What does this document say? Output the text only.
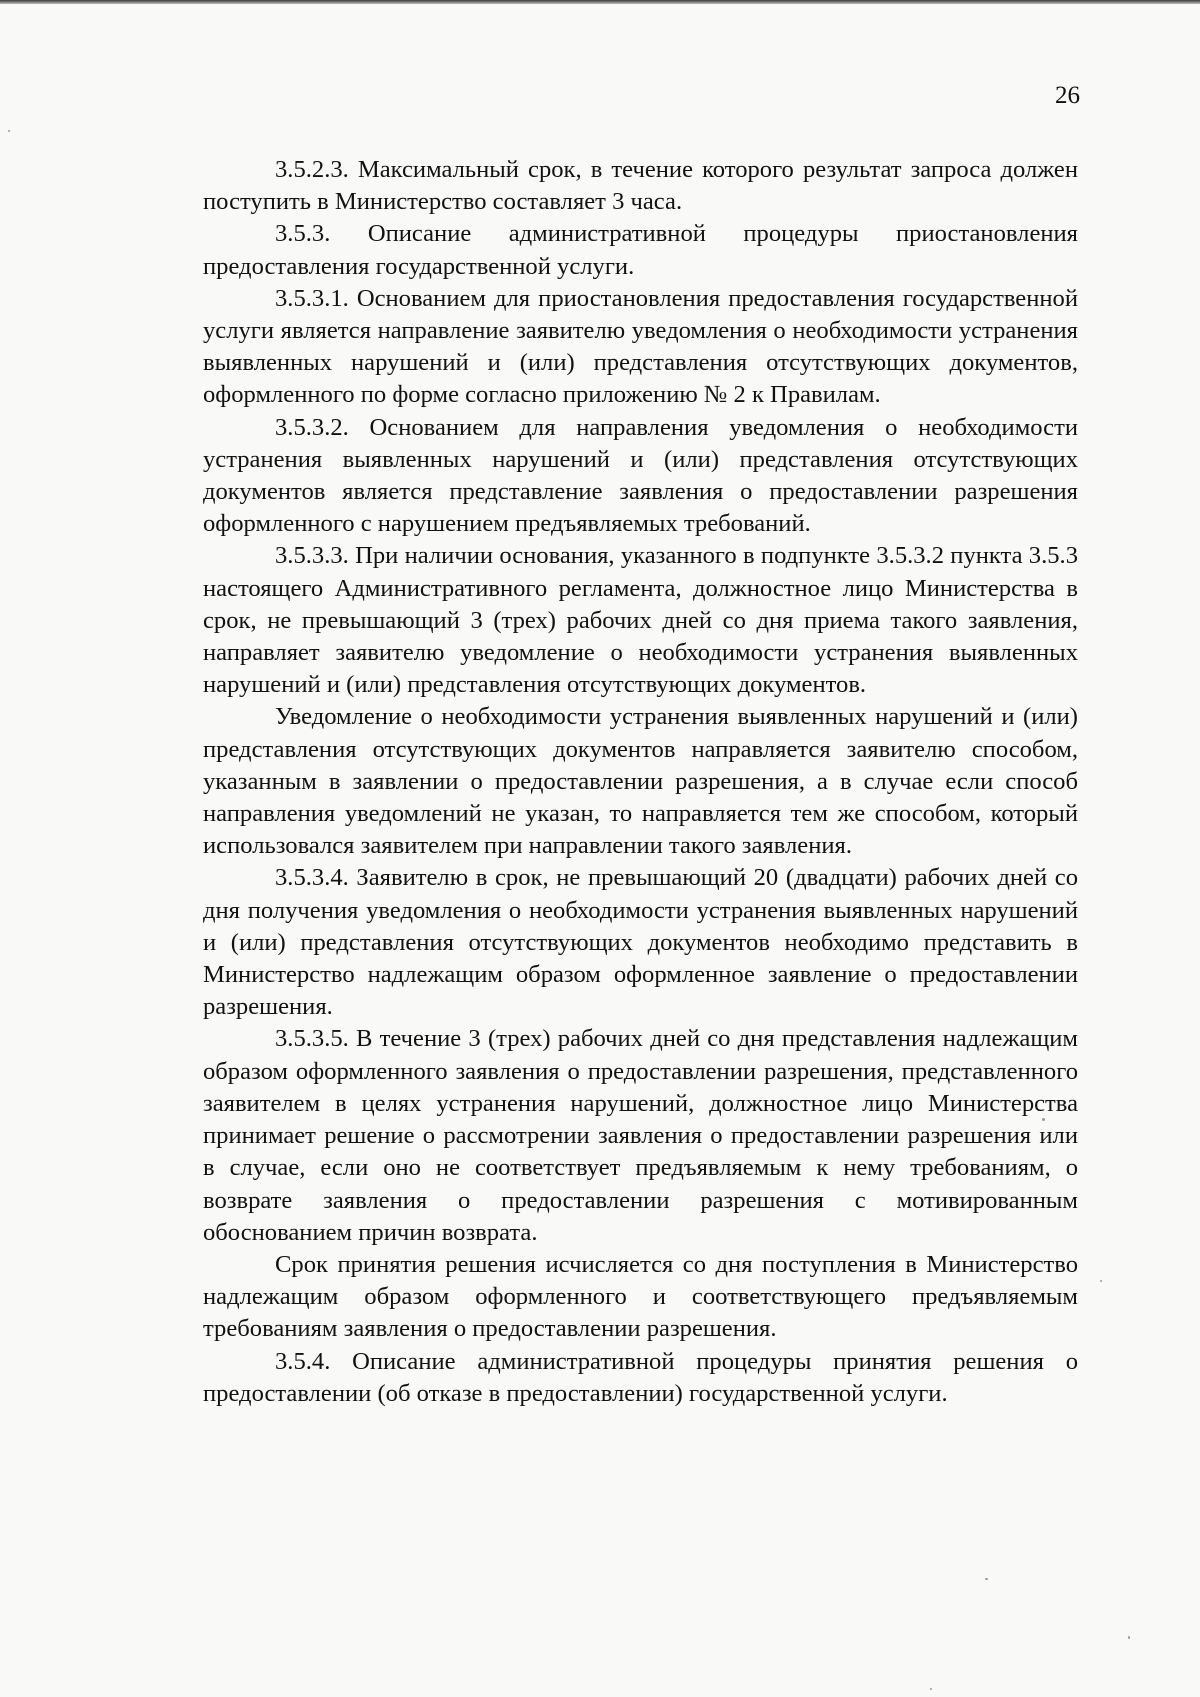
26

3.5.2.3. Максимальный срок, в течение которого результат запроса должен поступить в Министерство составляет 3 часа.

3.5.3. Описание административной процедуры приостановления предоставления государственной услуги.

3.5.3.1. Основанием для приостановления предоставления государственной услуги является направление заявителю уведомления о необходимости устранения выявленных нарушений и (или) представления отсутствующих документов, оформленного по форме согласно приложению № 2 к Правилам.

3.5.3.2. Основанием для направления уведомления о необходимости устранения выявленных нарушений и (или) представления отсутствующих документов является представление заявления о предоставлении разрешения оформленного с нарушением предъявляемых требований.

3.5.3.3. При наличии основания, указанного в подпункте 3.5.3.2 пункта 3.5.3 настоящего Административного регламента, должностное лицо Министерства в срок, не превышающий 3 (трех) рабочих дней со дня приема такого заявления, направляет заявителю уведомление о необходимости устранения выявленных нарушений и (или) представления отсутствующих документов.

Уведомление о необходимости устранения выявленных нарушений и (или) представления отсутствующих документов направляется заявителю способом, указанным в заявлении о предоставлении разрешения, а в случае если способ направления уведомлений не указан, то направляется тем же способом, который использовался заявителем при направлении такого заявления.

3.5.3.4. Заявителю в срок, не превышающий 20 (двадцати) рабочих дней со дня получения уведомления о необходимости устранения выявленных нарушений и (или) представления отсутствующих документов необходимо представить в Министерство надлежащим образом оформленное заявление о предоставлении разрешения.

3.5.3.5. В течение 3 (трех) рабочих дней со дня представления надлежащим образом оформленного заявления о предоставлении разрешения, представленного заявителем в целях устранения нарушений, должностное лицо Министерства принимает решение о рассмотрении заявления о предоставлении разрешения или в случае, если оно не соответствует предъявляемым к нему требованиям, о возврате заявления о предоставлении разрешения с мотивированным обоснованием причин возврата.

Срок принятия решения исчисляется со дня поступления в Министерство надлежащим образом оформленного и соответствующего предъявляемым требованиям заявления о предоставлении разрешения.

3.5.4. Описание административной процедуры принятия решения о предоставлении (об отказе в предоставлении) государственной услуги.
